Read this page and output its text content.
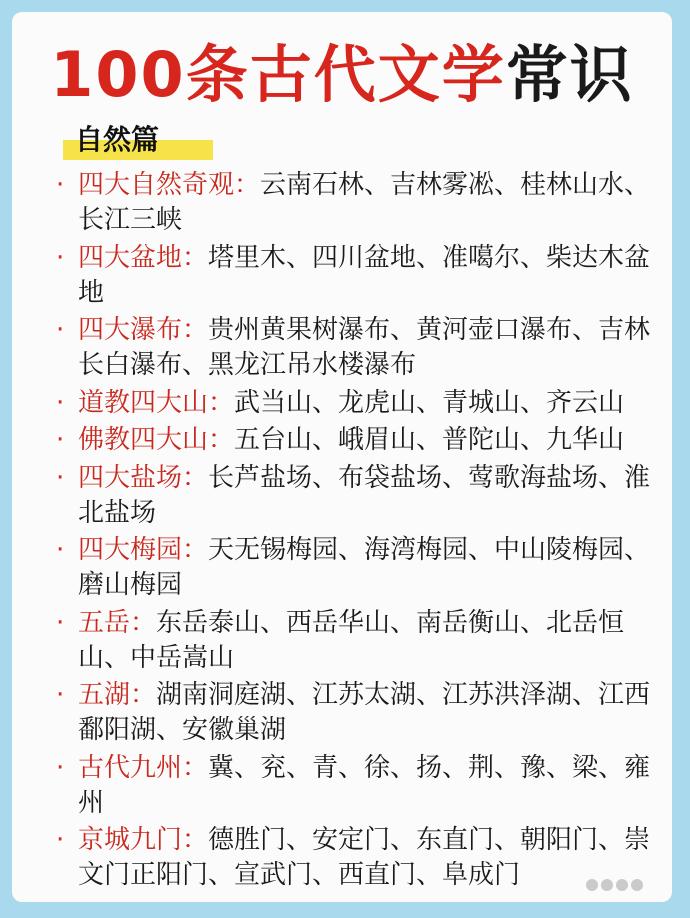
100条古代文学常识
自然篇
· 四大自然奇观：云南石林、吉林雾凇、桂林山水、长江三峡
· 四大盆地：塔里木、四川盆地、准噶尔、柴达木盆地
· 四大瀑布：贵州黄果树瀑布、黄河壶口瀑布、吉林长白瀑布、黑龙江吊水楼瀑布
· 道教四大山：武当山、龙虎山、青城山、齐云山
· 佛教四大山：五台山、峨眉山、普陀山、九华山
· 四大盐场：长芦盐场、布袋盐场、莺歌海盐场、淮北盐场
· 四大梅园：天无锡梅园、海湾梅园、中山陵梅园、磨山梅园
· 五岳：东岳泰山、西岳华山、南岳衡山、北岳恒山、中岳嵩山
· 五湖：湖南洞庭湖、江苏太湖、江苏洪泽湖、江西鄱阳湖、安徽巢湖
· 古代九州：冀、兖、青、徐、扬、荆、豫、梁、雍州
· 京城九门：德胜门、安定门、东直门、朝阳门、崇文门正阳门、宣武门、西直门、阜成门
